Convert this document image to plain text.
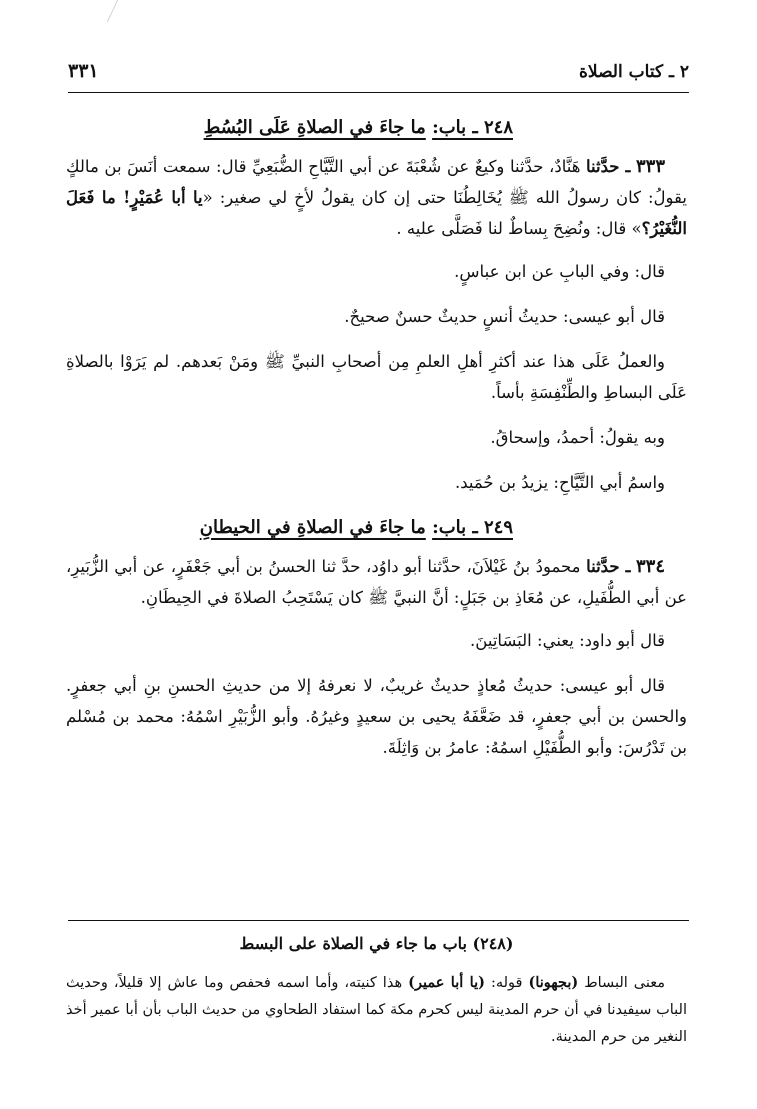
٢ ـ كتاب الصلاة
٣٣١
٢٤٨ ـ باب: ما جاءَ في الصلاةِ عَلَى البُسُطِ

٣٣٣ ـ حدَّثنا هَنَّادٌ، حدَّثنا وكيعٌ عن شُعْبَةَ عن أبي التَّيَّاحِ الضُّبَعِيِّ قال: سمعت أنَسَ بن مالكٍ يقولُ: كان رسولُ الله ﷺ يُخَالِطُنَا حتى إن كان يقولُ لأخٍ لي صغير: «يا أبا عُمَيْرٍ! ما فَعَلَ النُّغَيْرُ؟» قال: ونُضِحَ بِساطٌ لنا فَصَلَّى عليه .

قال: وفي البابِ عن ابن عباسٍ.

قال أبو عيسى: حديثُ أنسٍ حديثٌ حسنٌ صحيحٌ.

والعملُ عَلَى هذا عند أكثرِ أهلِ العلمِ مِن أصحابِ النبيِّ ﷺ ومَنْ بَعدهم. لم يَرَوْا بالصلاةِ عَلَى البساطِ والطِّنْفِسَةِ بأساً.

وبه يقولُ: أحمدُ، وإسحاقُ.

واسمُ أبي التَّيَّاحِ: يزيدُ بن حُمَيد.

٢٤٩ ـ باب: ما جاءَ في الصلاةِ في الحيطانِ

٣٣٤ ـ حدَّثنا محمودُ بنُ غَيْلاَنَ، حدَّثنا أبو داوُد، حدَّ ثنا الحسنُ بن أبي جَعْفَرٍ، عن أبي الزُّبَيرِ، عن أبي الطُّفَيلِ، عن مُعَاذِ بن جَبَلٍ: أنَّ النبيَّ ﷺ كان يَسْتَحِبُ الصلاةَ في الحِيطَانِ.

قال أبو داود: يعني: البَسَاتِينَ.

قال أبو عيسى: حديثُ مُعاذٍ حديثٌ غريبٌ، لا نعرفهُ إلا من حديثِ الحسنِ بنِ أبي جعفرٍ. والحسن بن أبي جعفرٍ، قد ضَعَّفَهُ يحيى بن سعيدٍ وغيرُهُ. وأبو الزُّبَيْرِ اسْمُهُ: محمد بن مُسْلم بن تَدْرُسَ: وأبو الطُّفَيْلِ اسمُهُ: عامرُ بن وَاثِلَةَ.

(٢٤٨) باب ما جاء في الصلاة على البسط

معنى البساط (بجهونا) قوله: (يا أبا عمير) هذا كنيته، وأما اسمه فحفص وما عاش إلا قليلاً، وحديث الباب سيفيدنا في أن حرم المدينة ليس كحرم مكة كما استفاد الطحاوي من حديث الباب بأن أبا عمير أخذ النغير من حرم المدينة.
